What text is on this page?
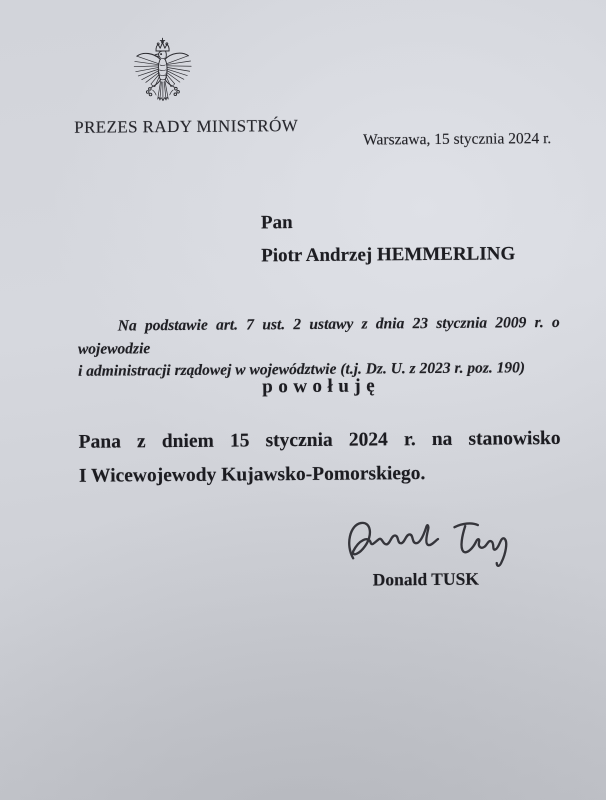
PREZES RADY MINISTRÓW
Warszawa, 15 stycznia 2024 r.
Pan
Piotr Andrzej HEMMERLING
Na podstawie art. 7 ust. 2 ustawy z dnia 23 stycznia 2009 r. o wojewodzie
i administracji rządowej w województwie (t.j. Dz. U. z 2023 r. poz. 190)
powołuję
Pana z dniem 15 stycznia 2024 r. na stanowisko
I Wicewojewody Kujawsko-Pomorskiego.
Donald TUSK
